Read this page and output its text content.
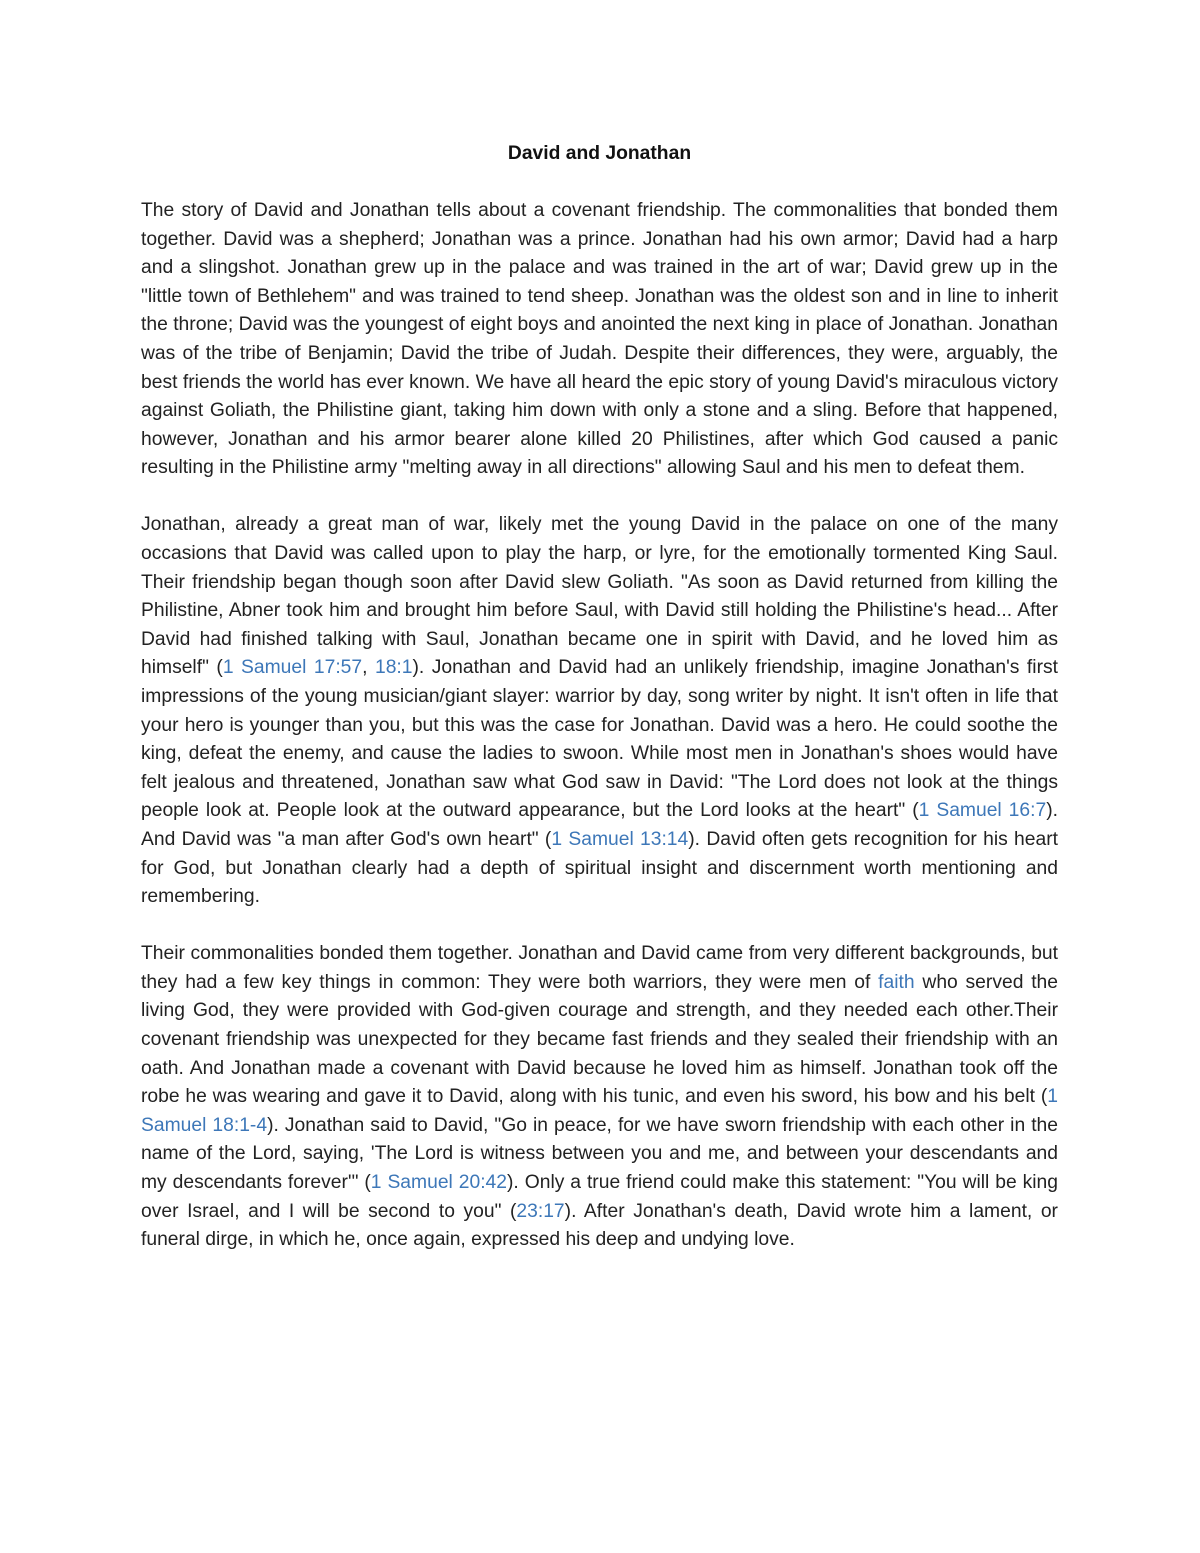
David and Jonathan

The story of David and Jonathan tells about a covenant friendship. The commonalities that bonded them together. David was a shepherd; Jonathan was a prince. Jonathan had his own armor; David had a harp and a slingshot. Jonathan grew up in the palace and was trained in the art of war; David grew up in the "little town of Bethlehem" and was trained to tend sheep. Jonathan was the oldest son and in line to inherit the throne; David was the youngest of eight boys and anointed the next king in place of Jonathan. Jonathan was of the tribe of Benjamin; David the tribe of Judah. Despite their differences, they were, arguably, the best friends the world has ever known. We have all heard the epic story of young David's miraculous victory against Goliath, the Philistine giant, taking him down with only a stone and a sling. Before that happened, however, Jonathan and his armor bearer alone killed 20 Philistines, after which God caused a panic resulting in the Philistine army "melting away in all directions" allowing Saul and his men to defeat them.

Jonathan, already a great man of war, likely met the young David in the palace on one of the many occasions that David was called upon to play the harp, or lyre, for the emotionally tormented King Saul. Their friendship began though soon after David slew Goliath. "As soon as David returned from killing the Philistine, Abner took him and brought him before Saul, with David still holding the Philistine's head... After David had finished talking with Saul, Jonathan became one in spirit with David, and he loved him as himself" (1 Samuel 17:57, 18:1). Jonathan and David had an unlikely friendship, imagine Jonathan's first impressions of the young musician/giant slayer: warrior by day, song writer by night. It isn't often in life that your hero is younger than you, but this was the case for Jonathan. David was a hero. He could soothe the king, defeat the enemy, and cause the ladies to swoon. While most men in Jonathan's shoes would have felt jealous and threatened, Jonathan saw what God saw in David: "The Lord does not look at the things people look at. People look at the outward appearance, but the Lord looks at the heart" (1 Samuel 16:7). And David was "a man after God's own heart" (1 Samuel 13:14). David often gets recognition for his heart for God, but Jonathan clearly had a depth of spiritual insight and discernment worth mentioning and remembering.

Their commonalities bonded them together. Jonathan and David came from very different backgrounds, but they had a few key things in common: They were both warriors, they were men of faith who served the living God, they were provided with God-given courage and strength, and they needed each other.Their covenant friendship was unexpected for they became fast friends and they sealed their friendship with an oath. And Jonathan made a covenant with David because he loved him as himself. Jonathan took off the robe he was wearing and gave it to David, along with his tunic, and even his sword, his bow and his belt (1 Samuel 18:1-4). Jonathan said to David, "Go in peace, for we have sworn friendship with each other in the name of the Lord, saying, 'The Lord is witness between you and me, and between your descendants and my descendants forever'" (1 Samuel 20:42). Only a true friend could make this statement: "You will be king over Israel, and I will be second to you" (23:17). After Jonathan's death, David wrote him a lament, or funeral dirge, in which he, once again, expressed his deep and undying love.
